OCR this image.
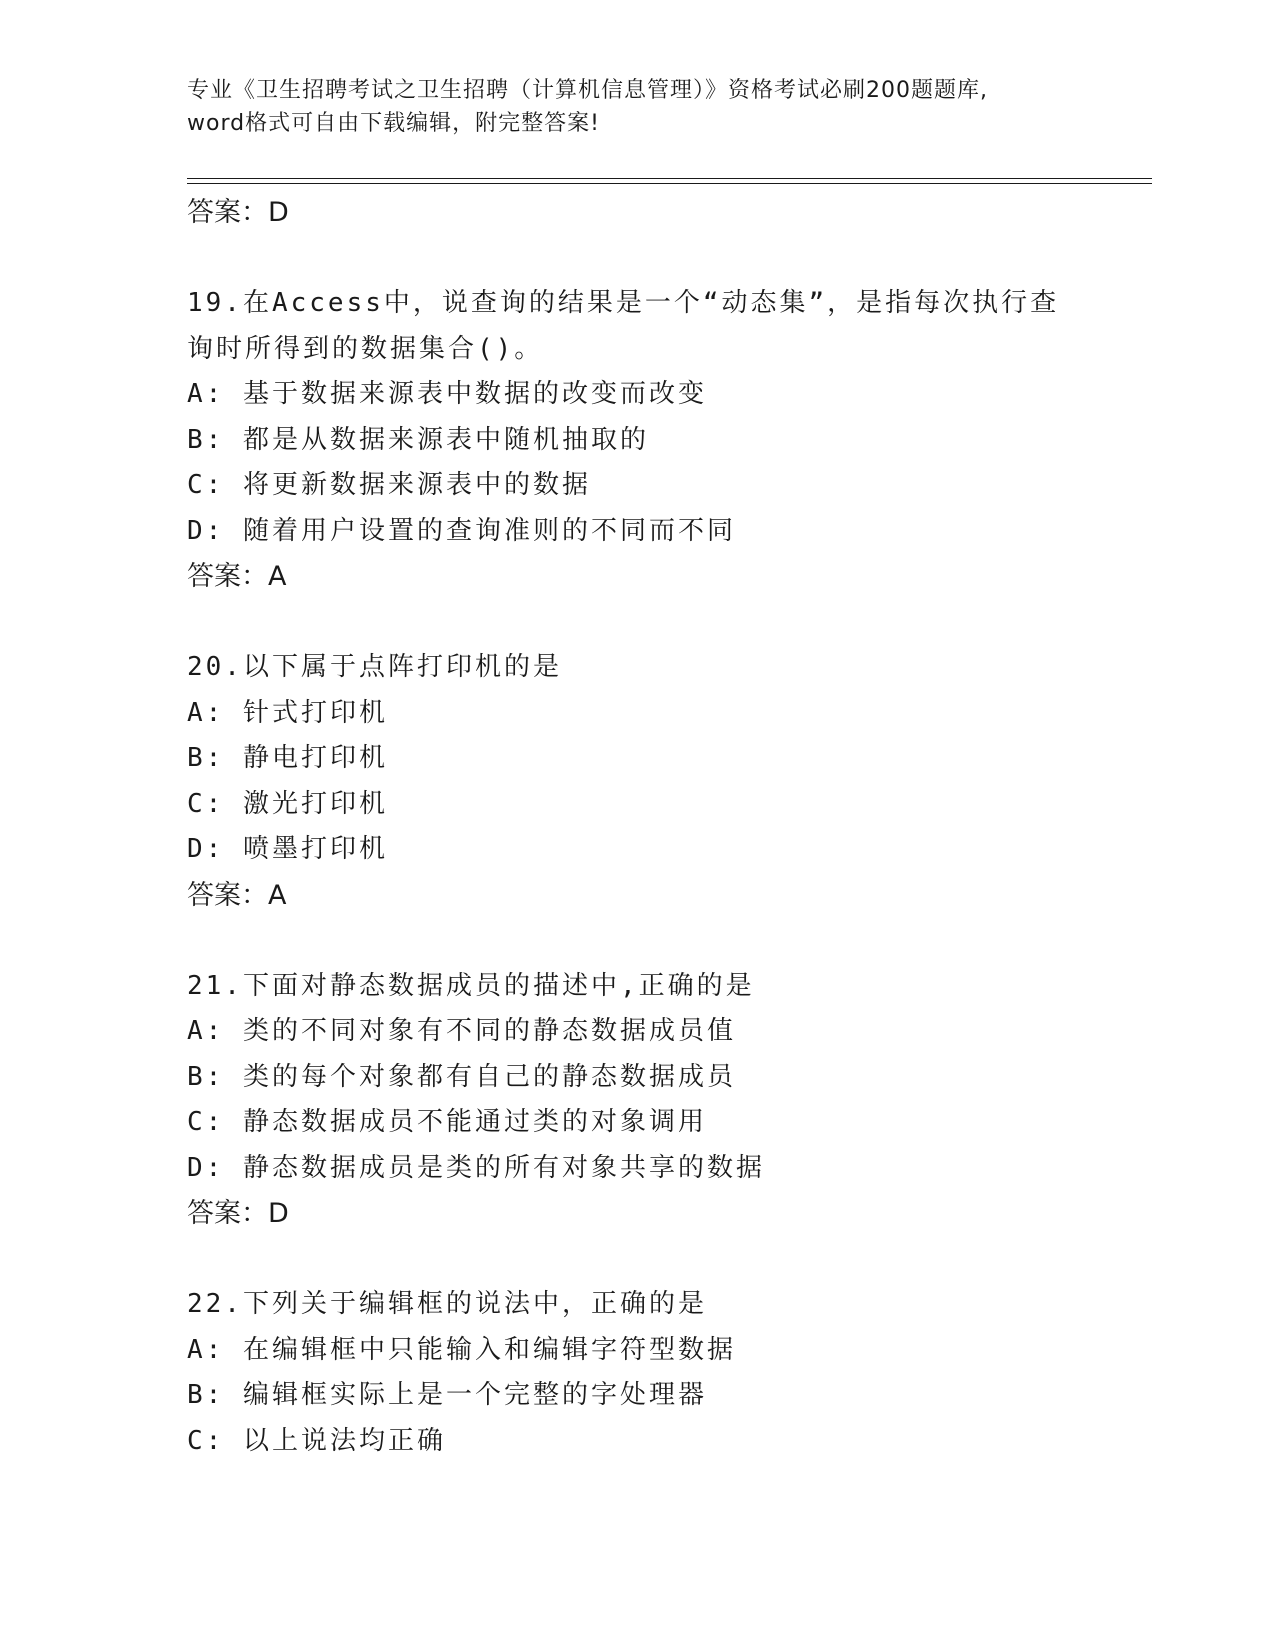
专业《卫生招聘考试之卫生招聘（计算机信息管理）》资格考试必刷200题题库,
word格式可自由下载编辑，附完整答案!
答案：D
19.在Access中，说查询的结果是一个“动态集”，是指每次执行查
询时所得到的数据集合()。
A: 基于数据来源表中数据的改变而改变
B: 都是从数据来源表中随机抽取的
C: 将更新数据来源表中的数据
D: 随着用户设置的查询准则的不同而不同
答案：A
20.以下属于点阵打印机的是
A: 针式打印机
B: 静电打印机
C: 激光打印机
D: 喷墨打印机
答案：A
21.下面对静态数据成员的描述中,正确的是
A: 类的不同对象有不同的静态数据成员值
B: 类的每个对象都有自己的静态数据成员
C: 静态数据成员不能通过类的对象调用
D: 静态数据成员是类的所有对象共享的数据
答案：D
22.下列关于编辑框的说法中，正确的是
A: 在编辑框中只能输入和编辑字符型数据
B: 编辑框实际上是一个完整的字处理器
C: 以上说法均正确
